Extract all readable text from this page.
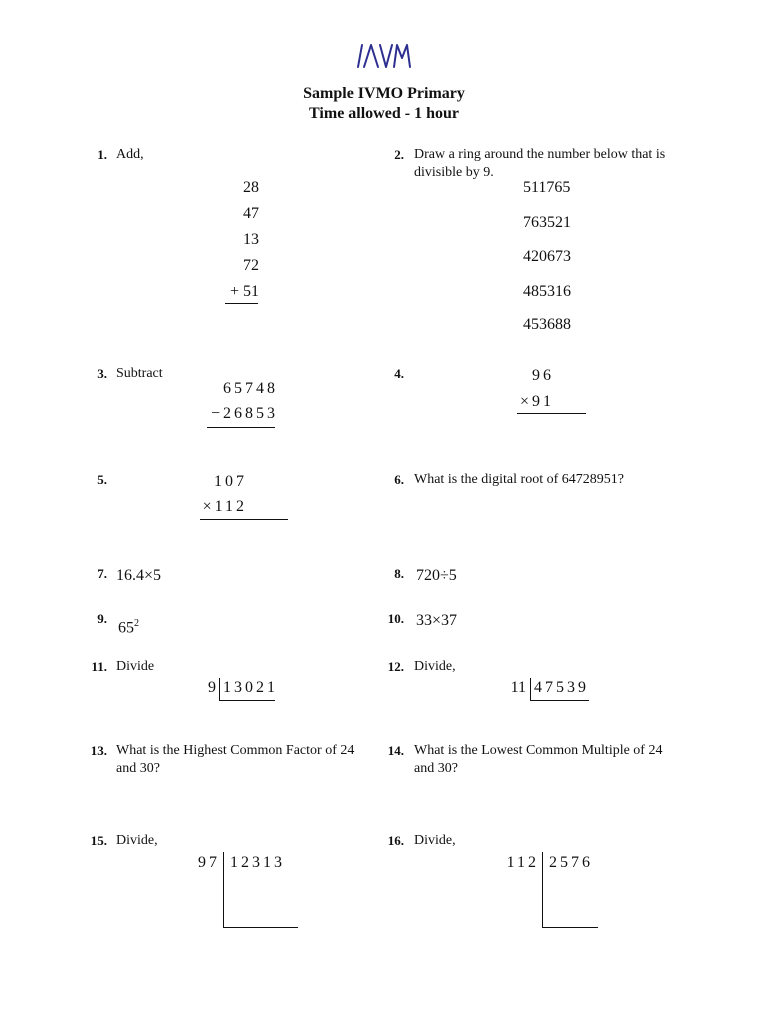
Sample IVMO Primary
Time allowed - 1 hour
1. Add,
28
47
13
72
+ 51
2. Draw a ring around the number below that is divisible by 9.
511765
763521
420673
485316
453688
3. Subtract
65748
−26853
4.	96
×91
5.	107
×112
6. What is the digital root of 64728951?
7. 16.4×5	8. 720÷5
9.
$65^2$	10. 33×37
11. Divide
9 13021
12. Divide,
11 47539
13. What is the Highest Common Factor of 24 and 30?
14. What is the Lowest Common Multiple of 24 and 30?
15. Divide,
97 12313
16. Divide,
112 2576
